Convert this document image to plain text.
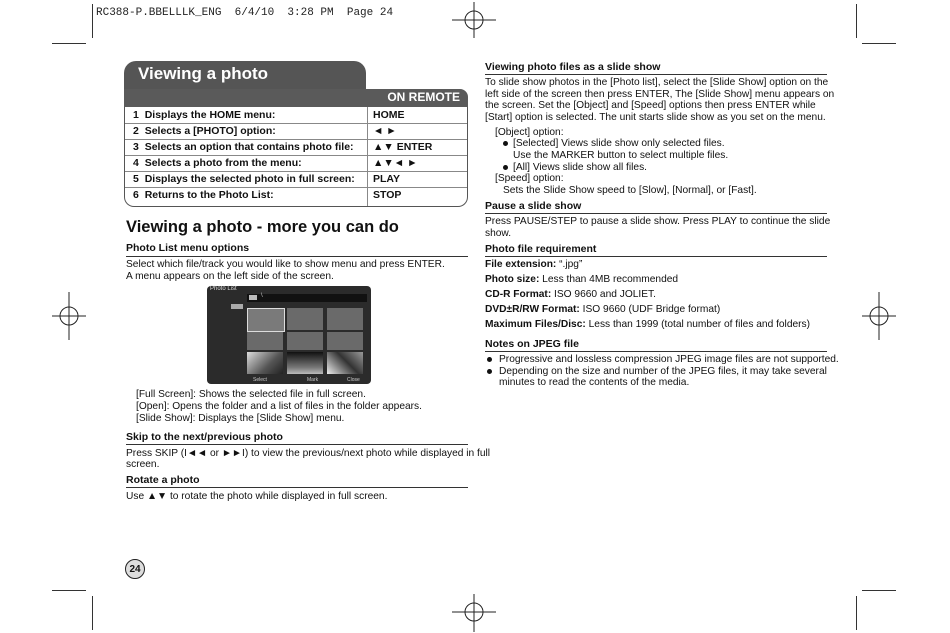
RC388-P.BBELLLK_ENG  6/4/10  3:28 PM  Page 24
Viewing a photo
ON REMOTE
1 Displays the HOME menu:	HOME
2 Selects a [PHOTO] option:	◄ ►
3 Selects an option that contains photo file: ▲▼ ENTER
4 Selects a photo from the menu:	▲▼◄ ►
5 Displays the selected photo in full screen: PLAY
6 Returns to the Photo List:	STOP
Viewing a photo - more you can do
Photo List menu options
Select which file/track you would like to show menu and press ENTER.
A menu appears on the left side of the screen.
Photo List
\
Select	Mark	Close
[Full Screen]: Shows the selected file in full screen.
[Open]: Opens the folder and a list of files in the folder appears.
[Slide Show]: Displays the [Slide Show] menu.
Skip to the next/previous photo
Press SKIP (I◄◄ or ►►I) to view the previous/next photo while displayed in full
screen.
Rotate a photo
Use ▲▼ to rotate the photo while displayed in full screen.
Viewing photo files as a slide show
To slide show photos in the [Photo list], select the [Slide Show] option on the
left side of the screen then press ENTER, The [Slide Show] menu appears on
the screen. Set the [Object] and [Speed] options then press ENTER while
[Start] option is selected. The unit starts slide show as you set on the menu.
[Object] option:
[Selected] Views slide show only selected files.
Use the MARKER button to select multiple files.
[All] Views slide show all files.
[Speed] option:
Sets the Slide Show speed to [Slow], [Normal], or [Fast].
Pause a slide show
Press PAUSE/STEP to pause a slide show. Press PLAY to continue the slide
show.
Photo file requirement
File extension: “.jpg”
Photo size: Less than 4MB recommended
CD-R Format: ISO 9660 and JOLIET.
DVD±R/RW Format: ISO 9660 (UDF Bridge format)
Maximum Files/Disc: Less than 1999 (total number of files and folders)
Notes on JPEG file
Progressive and lossless compression JPEG image files are not supported.
Depending on the size and number of the JPEG files, it may take several
minutes to read the contents of the media.
24
